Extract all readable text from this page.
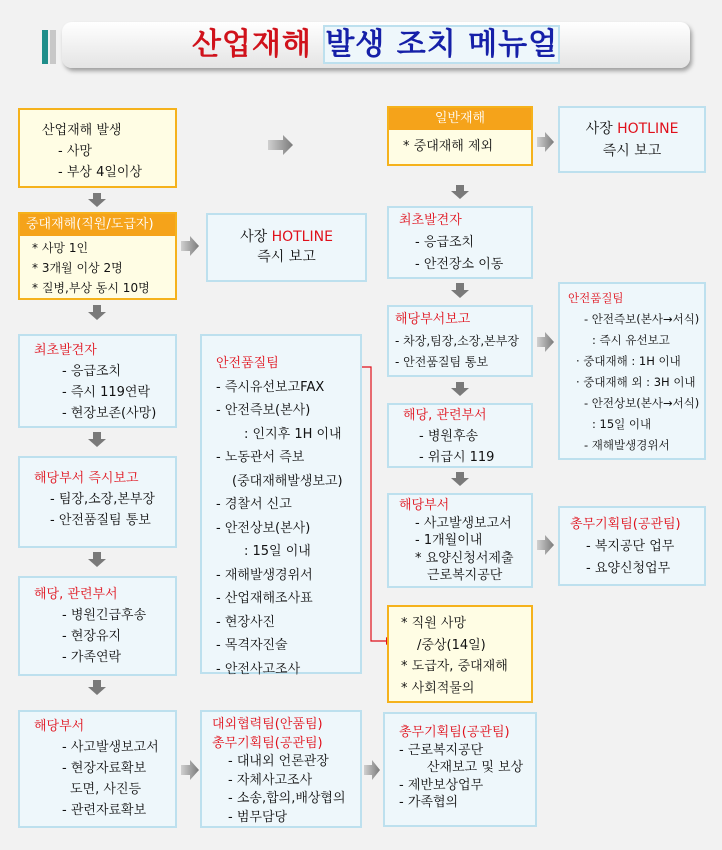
산업재해 발생 조치 메뉴얼
산업재해 발생
- 사망
- 부상 4일이상
중대재해(직원/도급자)
* 사망 1인
* 3개월 이상 2명
* 질병,부상 동시 10명
최초발견자
- 응급조치
- 즉시 119연락
- 현장보존(사망)
해당부서 즉시보고
- 팀장,소장,본부장
- 안전품질팀 통보
해당, 관련부서
- 병원긴급후송
- 현장유지
- 가족연락
해당부서
- 사고발생보고서
- 현장자료확보
도면, 사진등
- 관련자료확보
사장 HOTLINE
즉시 보고
안전품질팀
- 즉시유선보고FAX
- 안전즉보(본사)
: 인지후 1H 이내
- 노동관서 즉보
(중대재해발생보고)
- 경찰서 신고
- 안전상보(본사)
: 15일 이내
- 재해발생경위서
- 산업재해조사표
- 현장사진
- 목격자진술
- 안전사고조사
대외협력팀(안품팀)
총무기획팀(공관팀)
- 대내외 언론관장
- 자체사고조사
- 소송,합의,배상협의
- 범무담당
일반재해
* 중대재해 제외
최초발견자
- 응급조치
- 안전장소 이동
해당부서보고
- 차장,팀장,소장,본부장
- 안전품질팀 통보
해당, 관련부서
- 병원후송
- 위급시 119
해당부서
- 사고발생보고서
- 1개월이내
* 요양신청서제출
근로복지공단
* 직원 사망
/중상(14일)
* 도급자, 중대재해
* 사회적물의
총무기획팀(공관팀)
- 근로복지공단
산재보고 및 보상
- 제반보상업무
- 가족협의
사장 HOTLINE
즉시 보고
안전품질팀
- 안전즉보(본사→서식)
: 즉시 유선보고
· 중대재해 : 1H 이내
· 중대재해 외 : 3H 이내
- 안전상보(본사→서식)
: 15일 이내
- 재해발생경위서
총무기획팀(공관팀)
- 복지공단 업무
- 요양신청업무
